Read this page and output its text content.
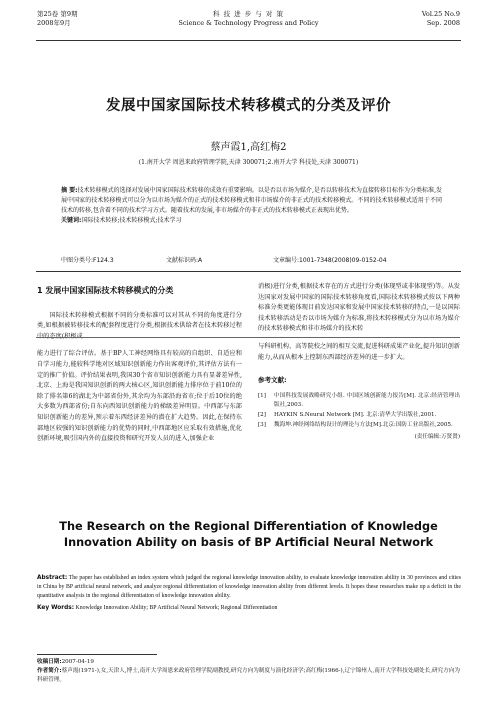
第25卷 第9期
2008年9月
科 技 进 步 与 对 策
Science & Technology Progress and Policy
Vol.25 No.9
Sep. 2008
发展中国家国际技术转移模式的分类及评价
蔡声霞1,高红梅2
(1.南开大学 周恩来政府管理学院,天津 300071;2.南开大学 科技处,天津 300071)
摘 要:技术转移模式的选择对发展中国家国际技术转移的成效有重要影响。以是否以市场为媒介,是否以转移技术为直接转移目标作为分类标准,发展中国家的技术转移模式可以分为以市场为媒介的正式的技术转移模式和非市场媒介的非正式的技术转移模式。不同的技术转移模式适用于不同技术的转移,包含着不同的技术学习方式。随着技术的发展,非市场媒介的非正式的技术转移模式正表现出优势。
关键词:国际技术转移;技术转移模式;技术学习
中图分类号:F124.3	文献标识码:A	文章编号:1001-7348(2008)09-0152-04
1 发展中国家国际技术转移模式的分类
国际技术转移模式根据不同的分类标准可以对其从不同的角度进行分类,如根据被转移技术的配套程度进行分类,根据技术供给者在技术转移过程中的态度(积极或
能力进行了综合评估。基于BP人工神经网络具有较高的自组织、自适应和自学习能力,能较科学地对区域知识创新能力作出客观评价,其评估方法有一定的推广价值。评价结果表明,我国30个省市知识创新能力具有显著差异性,北京、上海是我国知识创新的两大核心区,知识创新能力排序位于前10位的除了排名第6的湖北为中部省份外,其余均为东部沿海省市;位于后10位的绝大多数为西部省份;自东向西知识创新能力的梯级差异明显。中西部与东部知识创新能力的差异,预示着东西经济差异的潜在扩大趋势。因此,在保持东部地区较强的知识创新能力的优势的同时,中西部地区应采取有效措施,优化创新环境,吸引国内外的直接投资和研究开发人员的进入,加强企业
消极)进行分类,根据技术存在的方式进行分类(体现型或非体现型)等。从发达国家对发展中国家的国际技术转移角度看,国际技术转移模式按以下两种标准分类更能体现目前发达国家和发展中国家技术转移的特点,一是以国际技术转移活动是否以市场为媒介为标准,将技术转移模式分为以市场为媒介的技术转移模式和非市场媒介的技术转
与科研机构、高等院校之间的相互交流,促进科研成果产业化,提升知识创新能力,从而从根本上控制东西部经济差异的进一步扩大。
参考文献:
[1]	中国科技发展战略研究小组. 中国区域创新能力报告[M]. 北京:经济管理出版社,2003.
[2]	HAYKIN S.Neural Network [M]. 北京:清华大学出版社,2001.
[3]	魏海坤.神经网络结构设计的理论与方法[M].北京:国防工业出版社,2005.
(责任编辑:万贤贤)
The Research on the Regional Differentiation of Knowledge
Innovation Ability on basis of BP Artificial Neural Network
Abstract: The paper has established an index system which judged the regional knowledge innovation ability, to evaluate knowledge innovation ability in 30 provinces and cities in China by BP artificial neural network, and analyze regional differentiation of knowledge innovation ability from different levels. It hopes these researches make up a deficit in the quantitative analysis in the regional differentiation of knowledge innovation ability.
Key Words: Knowledge Innovation Ability; BP Artificial Neural Network; Regional Differentiation
收稿日期:2007-04-19
作者简介:蔡声霞(1971-),女,天津人,博士,南开大学周恩来政府管理学院副教授,研究方向为制度与演化经济学;高红梅(1966-),辽宁锦州人,南开大学科技处副处长,研究方向为科研管理。
